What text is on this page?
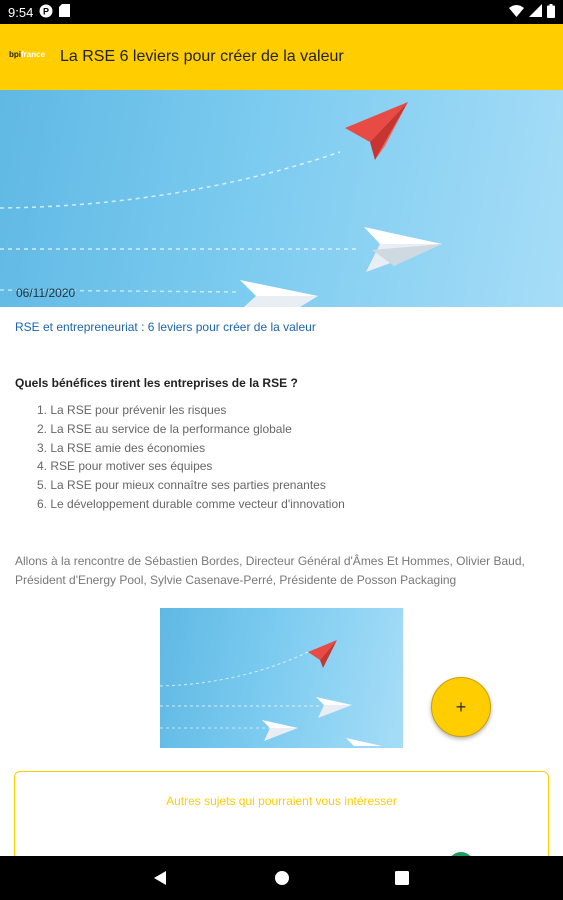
9:54 P
bpifrance La RSE 6 leviers pour créer de la valeur
06/11/2020
RSE et entrepreneuriat : 6 leviers pour créer de la valeur
Quels bénéfices tirent les entreprises de la RSE ?
1. La RSE pour prévenir les risques
2. La RSE au service de la performance globale
3. La RSE amie des économies
4. RSE pour motiver ses équipes
5. La RSE pour mieux connaître ses parties prenantes
6. Le développement durable comme vecteur d'innovation

Allons à la rencontre de Sébastien Bordes, Directeur Général d'Âmes Et Hommes, Olivier Baud, Président d'Energy Pool, Sylvie Casenave-Perré, Présidente de Posson Packaging

+
Autres sujets qui pourraient vous intéresser
